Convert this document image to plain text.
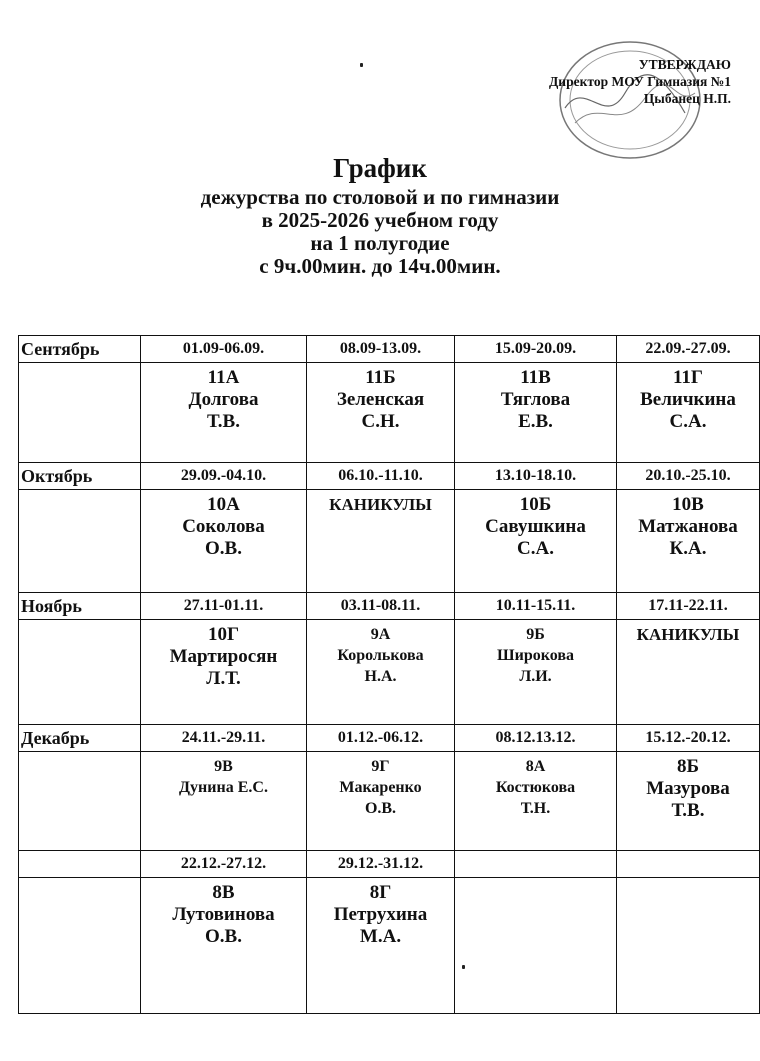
УТВЕРЖДАЮ
Директор МОУ Гимназия №1
Цыбанец Н.П.
График
дежурства по столовой и по гимназии
в 2025-2026 учебном году
на 1 полугодие
с 9ч.00мин. до 14ч.00мин.
Сентябрь	01.09-06.09.	08.09-13.09.	15.09-20.09.	22.09.-27.09.

	11А
Долгова
Т.В.	11Б
Зеленская
С.Н.	11В
Тяглова
Е.В.	11Г
Величкина
С.А.

Октябрь	29.09.-04.10.	06.10.-11.10.	13.10-18.10.	20.10.-25.10.

	10А
Соколова
О.В.	КАНИКУЛЫ	10Б
Савушкина
С.А.	10В
Матжанова
К.А.

Ноябрь	27.11-01.11.	03.11-08.11.	10.11-15.11.	17.11-22.11.

	10Г
Мартиросян
Л.Т.	9А
Королькова
Н.А.	9Б
Широкова
Л.И.	КАНИКУЛЫ
Декабрь	24.11.-29.11.	01.12.-06.12.	08.12.13.12.	15.12.-20.12.

	9В
Дунина Е.С.	9Г
Макаренко
О.В.	8А
Костюкова
Т.Н.	8Б
Мазурова
Т.В.

	22.12.-27.12.	29.12.-31.12.		

	8В
Лутовинова
О.В.	8Г
Петрухина
М.А.		
